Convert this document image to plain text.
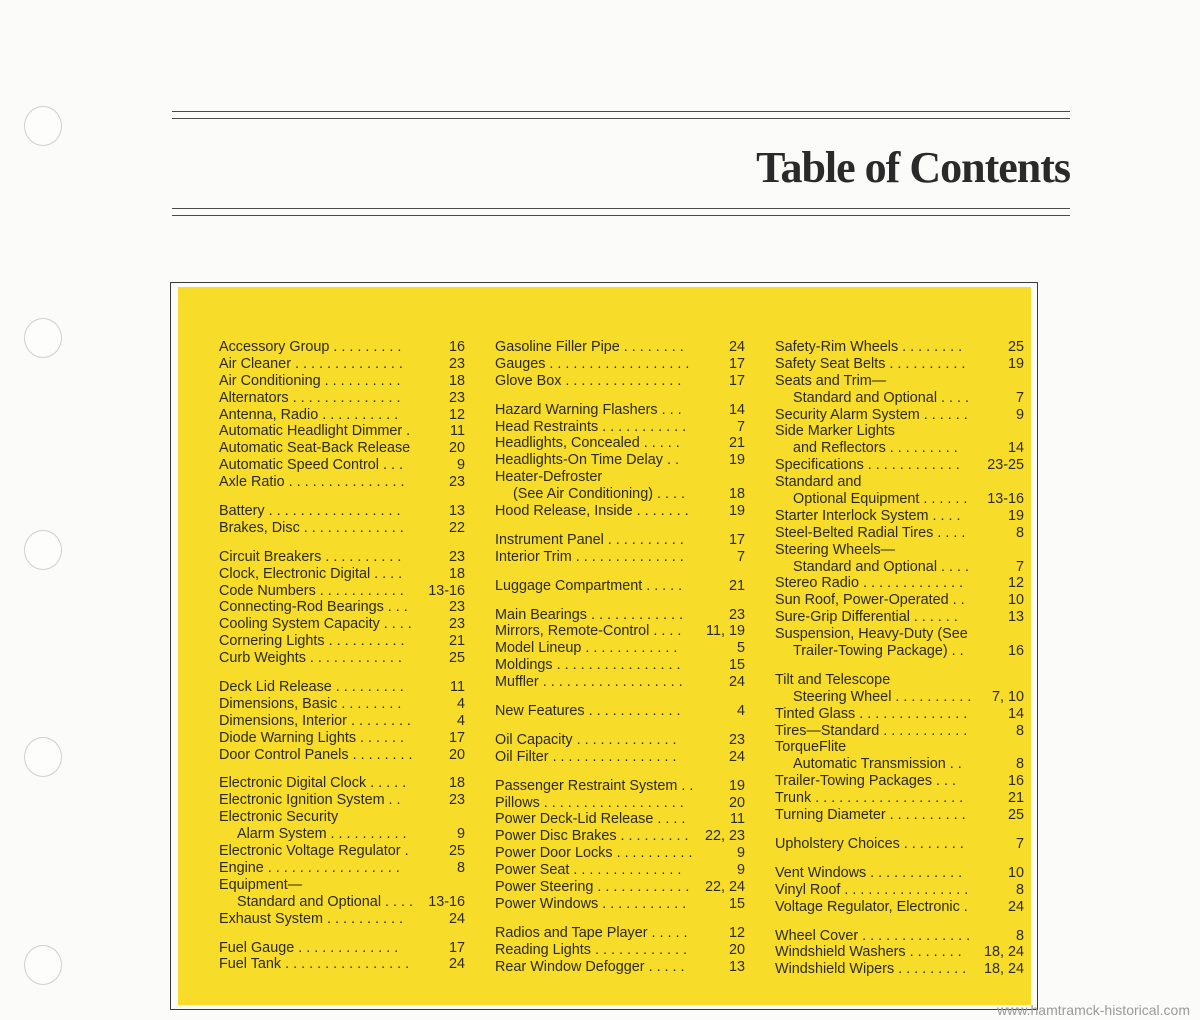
Table of Contents
Accessory Group . . . . . . . . .	16
Air Cleaner . . . . . . . . . . . . . .	23
Air Conditioning . . . . . . . . . .	18
Alternators . . . . . . . . . . . . . .	23
Antenna, Radio . . . . . . . . . .	12
Automatic Headlight Dimmer .	11
Automatic Seat-Back Release	20
Automatic Speed Control . . .	9
Axle Ratio . . . . . . . . . . . . . . .	23
Battery . . . . . . . . . . . . . . . . .	13
Brakes, Disc . . . . . . . . . . . . .	22
Circuit Breakers . . . . . . . . . .	23
Clock, Electronic Digital . . . .	18
Code Numbers . . . . . . . . . . . 13-16
Connecting-Rod Bearings . . .	23
Cooling System Capacity . . . .	23
Cornering Lights . . . . . . . . . .	21
Curb Weights . . . . . . . . . . . .	25
Deck Lid Release . . . . . . . . .	11
Dimensions, Basic . . . . . . . .	4
Dimensions, Interior . . . . . . . .	4
Diode Warning Lights . . . . . .	17
Door Control Panels . . . . . . . .	20
Electronic Digital Clock . . . . .	18
Electronic Ignition System . .	23
Electronic Security
Alarm System . . . . . . . . . .	9
Electronic Voltage Regulator .	25
Engine . . . . . . . . . . . . . . . . .	8
Equipment—
Standard and Optional . . . . 13-16
Exhaust System . . . . . . . . . .	24
Fuel Gauge . . . . . . . . . . . . .	17
Fuel Tank . . . . . . . . . . . . . . . .	24
Gasoline Filler Pipe . . . . . . . .	24
Gauges . . . . . . . . . . . . . . . . . .	17
Glove Box . . . . . . . . . . . . . . .	17
Hazard Warning Flashers . . .	14
Head Restraints . . . . . . . . . . .	7
Headlights, Concealed . . . . .	21
Headlights-On Time Delay . .	19
Heater-Defroster
(See Air Conditioning) . . . .	18
Hood Release, Inside . . . . . . .	19
Instrument Panel . . . . . . . . . .	17
Interior Trim . . . . . . . . . . . . . .	7
Luggage Compartment . . . . .	21
Main Bearings . . . . . . . . . . . .	23
Mirrors, Remote-Control . . . . 11, 19
Model Lineup . . . . . . . . . . . .	5
Moldings . . . . . . . . . . . . . . . .	15
Muffler . . . . . . . . . . . . . . . . . .	24
New Features . . . . . . . . . . . .	4
Oil Capacity . . . . . . . . . . . . .	23
Oil Filter . . . . . . . . . . . . . . . .	24
Passenger Restraint System . . 19
Pillows . . . . . . . . . . . . . . . . . .	20
Power Deck-Lid Release . . . .	11
Power Disc Brakes . . . . . . . . . 22, 23
Power Door Locks . . . . . . . . . .	9
Power Seat . . . . . . . . . . . . . .	9
Power Steering . . . . . . . . . . . . 22, 24
Power Windows . . . . . . . . . . .	15
Radios and Tape Player . . . . .	12
Reading Lights . . . . . . . . . . . .	20
Rear Window Defogger . . . . .	13
Safety-Rim Wheels . . . . . . . .	25
Safety Seat Belts . . . . . . . . . .	19
Seats and Trim—
Standard and Optional . . . .	7
Security Alarm System . . . . . .	9
Side Marker Lights
and Reflectors . . . . . . . . .	14
Specifications . . . . . . . . . . . . 23-25
Standard and
Optional Equipment . . . . . . 13-16
Starter Interlock System . . . .	19
Steel-Belted Radial Tires . . . .	8
Steering Wheels—
Standard and Optional . . . .	7
Stereo Radio . . . . . . . . . . . . .	12
Sun Roof, Power-Operated . .	10
Sure-Grip Differential . . . . . .	13
Suspension, Heavy-Duty (See
Trailer-Towing Package) . .	16
Tilt and Telescope
Steering Wheel . . . . . . . . . . 7, 10
Tinted Glass . . . . . . . . . . . . . .	14
Tires—Standard . . . . . . . . . . .	8
TorqueFlite
Automatic Transmission . .	8
Trailer-Towing Packages . . .	16
Trunk . . . . . . . . . . . . . . . . . . .	21
Turning Diameter . . . . . . . . . .	25
Upholstery Choices . . . . . . . .	7
Vent Windows . . . . . . . . . . . .	10
Vinyl Roof . . . . . . . . . . . . . . . .	8
Voltage Regulator, Electronic .	24
Wheel Cover . . . . . . . . . . . . . .	8
Windshield Washers . . . . . . . 18, 24
Windshield Wipers . . . . . . . . . 18, 24
www.hamtramck-historical.com
